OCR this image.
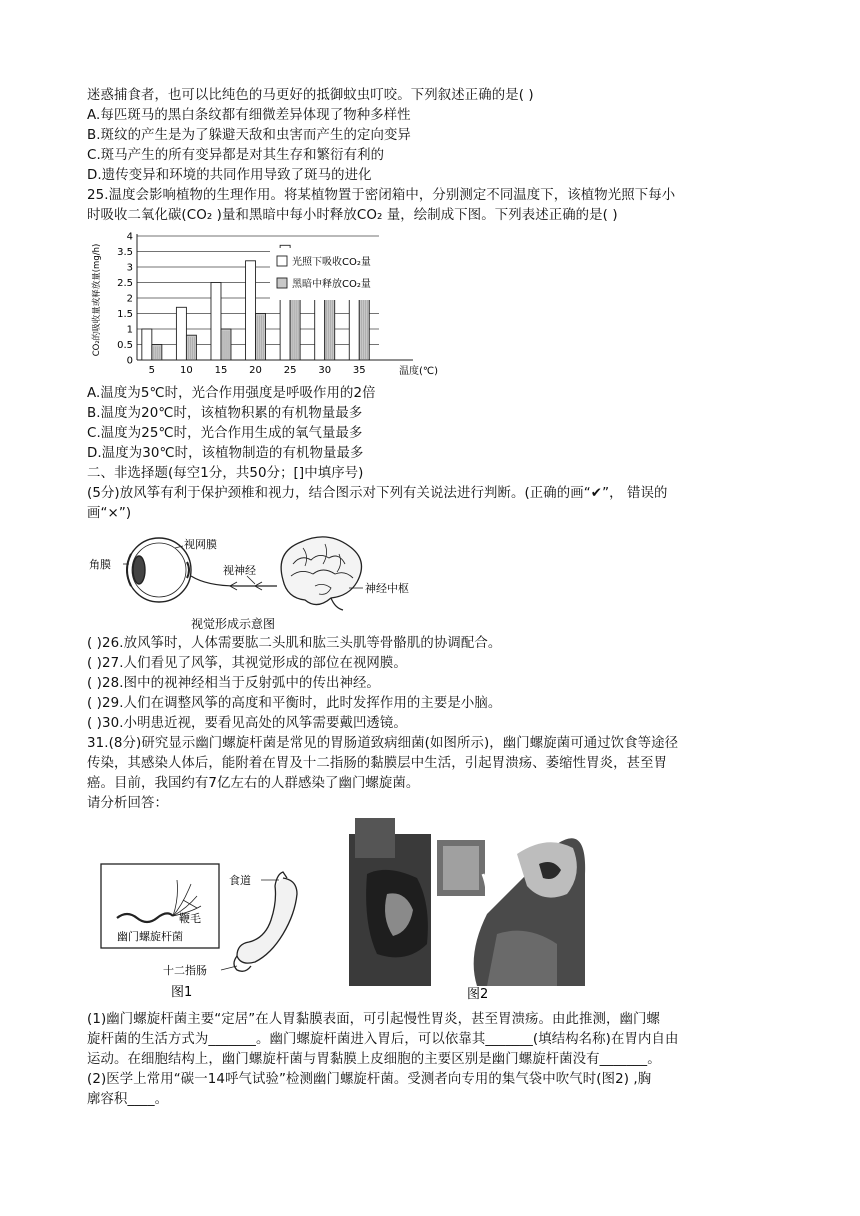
迷惑捕食者，也可以比纯色的马更好的抵御蚊虫叮咬。下列叙述正确的是( )
A.每匹斑马的黑白条纹都有细微差异体现了物种多样性
B.斑纹的产生是为了躲避天敌和虫害而产生的定向变异
C.斑马产生的所有变异都是对其生存和繁衍有利的
D.遗传变异和环境的共同作用导致了斑马的进化
25.温度会影响植物的生理作用。将某植物置于密闭箱中，分别测定不同温度下，该植物光照下每小
时吸收二氧化碳(CO₂ )量和黑暗中每小时释放CO₂ 量，绘制成下图。下列表述正确的是( )
CO₂的吸收量或释放量(mg/h)
0
0.5
1
1.5
2
2.5
3
3.5
4
5	10 15 20 25 30 35	温度(℃)
光照下吸收CO₂量
黑暗中释放CO₂量
A.温度为5℃时，光合作用强度是呼吸作用的2倍
B.温度为20℃时，该植物积累的有机物量最多
C.温度为25℃时，光合作用生成的氧气量最多
D.温度为30℃时，该植物制造的有机物量最多
二、非选择题(每空1分，共50分；[]中填序号)
(5分)放风筝有利于保护颈椎和视力，结合图示对下列有关说法进行判断。(正确的画“✔”， 错误的
画“×”)
角膜
视网膜
视神经
神经中枢
视觉形成示意图
( )26.放风筝时，人体需要肱二头肌和肱三头肌等骨骼肌的协调配合。
( )27.人们看见了风筝，其视觉形成的部位在视网膜。
( )28.图中的视神经相当于反射弧中的传出神经。
( )29.人们在调整风筝的高度和平衡时，此时发挥作用的主要是小脑。
( )30.小明患近视，要看见高处的风筝需要戴凹透镜。
31.(8分)研究显示幽门螺旋杆菌是常见的胃肠道致病细菌(如图所示)，幽门螺旋菌可通过饮食等途径
传染，其感染人体后，能附着在胃及十二指肠的黏膜层中生活，引起胃溃疡、萎缩性胃炎，甚至胃
癌。目前，我国约有7亿左右的人群感染了幽门螺旋菌。
请分析回答：
鞭毛
幽门螺旋杆菌
食道
十二指肠
图1	图2
(1)幽门螺旋杆菌主要“定居”在人胃黏膜表面，可引起慢性胃炎，甚至胃溃疡。由此推测，幽门螺
旋杆菌的生活方式为_______。幽门螺旋杆菌进入胃后，可以依靠其_______(填结构名称)在胃内自由
运动。在细胞结构上，幽门螺旋杆菌与胃黏膜上皮细胞的主要区别是幽门螺旋杆菌没有_______。
(2)医学上常用“碳一14呼气试验”检测幽门螺旋杆菌。受测者向专用的集气袋中吹气时(图2) ,胸
廓容积____。
